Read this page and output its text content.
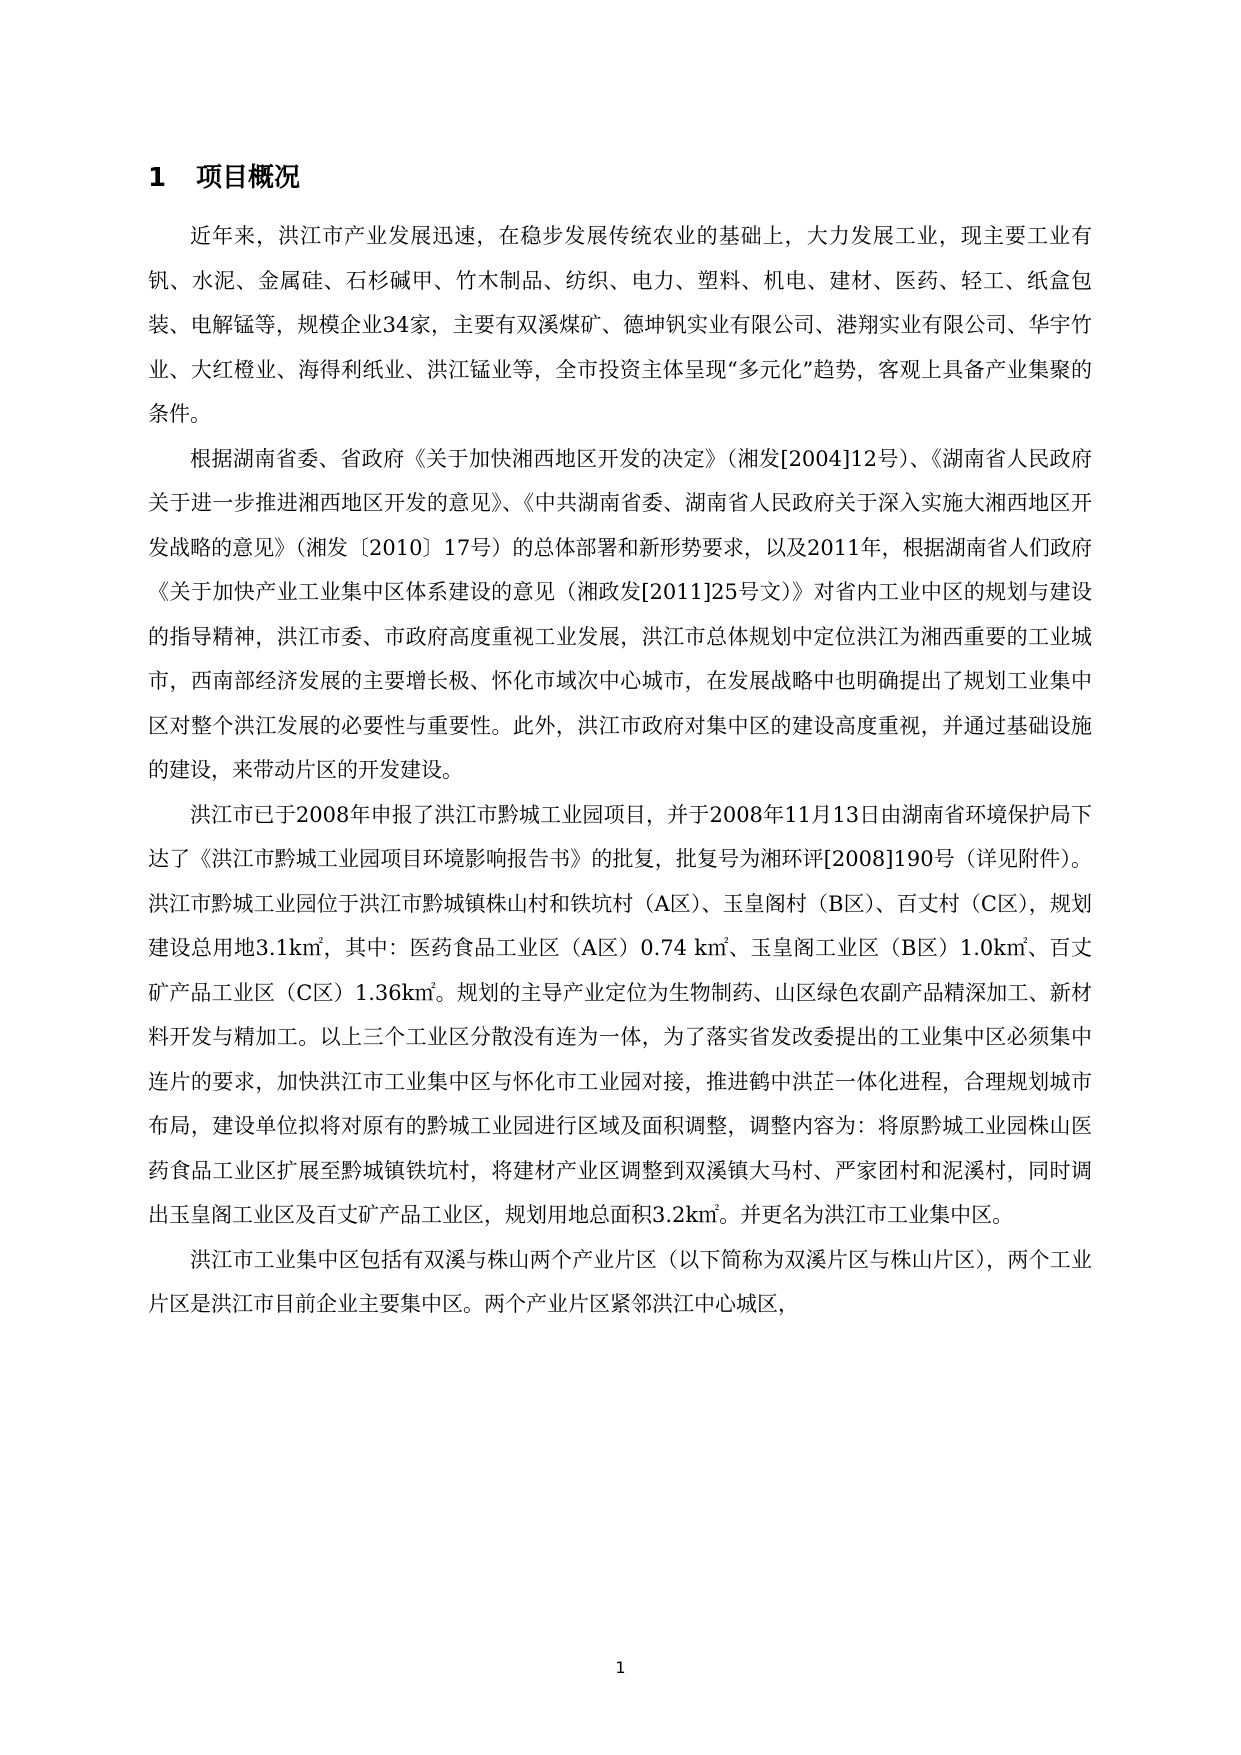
1 项目概况

近年来，洪江市产业发展迅速，在稳步发展传统农业的基础上，大力发展工业，现主要工业有钒、水泥、金属硅、石杉碱甲、竹木制品、纺织、电力、塑料、机电、建材、医药、轻工、纸盒包装、电解锰等，规模企业34家，主要有双溪煤矿、德坤钒实业有限公司、港翔实业有限公司、华宇竹业、大红橙业、海得利纸业、洪江锰业等，全市投资主体呈现“多元化”趋势，客观上具备产业集聚的条件。

根据湖南省委、省政府《关于加快湘西地区开发的决定》（湘发[2004]12号）、《湖南省人民政府关于进一步推进湘西地区开发的意见》、《中共湖南省委、湖南省人民政府关于深入实施大湘西地区开发战略的意见》（湘发〔2010〕17号）的总体部署和新形势要求，以及2011年，根据湖南省人们政府《关于加快产业工业集中区体系建设的意见（湘政发[2011]25号文）》对省内工业中区的规划与建设的指导精神，洪江市委、市政府高度重视工业发展，洪江市总体规划中定位洪江为湘西重要的工业城市，西南部经济发展的主要增长极、怀化市域次中心城市，在发展战略中也明确提出了规划工业集中区对整个洪江发展的必要性与重要性。此外，洪江市政府对集中区的建设高度重视，并通过基础设施的建设，来带动片区的开发建设。

洪江市已于2008年申报了洪江市黔城工业园项目，并于2008年11月13日由湖南省环境保护局下达了《洪江市黔城工业园项目环境影响报告书》的批复，批复号为湘环评[2008]190号（详见附件）。洪江市黔城工业园位于洪江市黔城镇株山村和铁坑村（A区）、玉皇阁村（B区）、百丈村（C区），规划建设总用地3.1k㎡，其中：医药食品工业区（A区）0.74 k㎡、玉皇阁工业区（B区）1.0k㎡、百丈矿产品工业区（C区）1.36k㎡。规划的主导产业定位为生物制药、山区绿色农副产品精深加工、新材料开发与精加工。以上三个工业区分散没有连为一体，为了落实省发改委提出的工业集中区必须集中连片的要求，加快洪江市工业集中区与怀化市工业园对接，推进鹤中洪芷一体化进程，合理规划城市布局，建设单位拟将对原有的黔城工业园进行区域及面积调整，调整内容为：将原黔城工业园株山医药食品工业区扩展至黔城镇铁坑村，将建材产业区调整到双溪镇大马村、严家团村和泥溪村，同时调出玉皇阁工业区及百丈矿产品工业区，规划用地总面积3.2k㎡。并更名为洪江市工业集中区。

洪江市工业集中区包括有双溪与株山两个产业片区（以下简称为双溪片区与株山片区），两个工业片区是洪江市目前企业主要集中区。两个产业片区紧邻洪江中心城区，

1
